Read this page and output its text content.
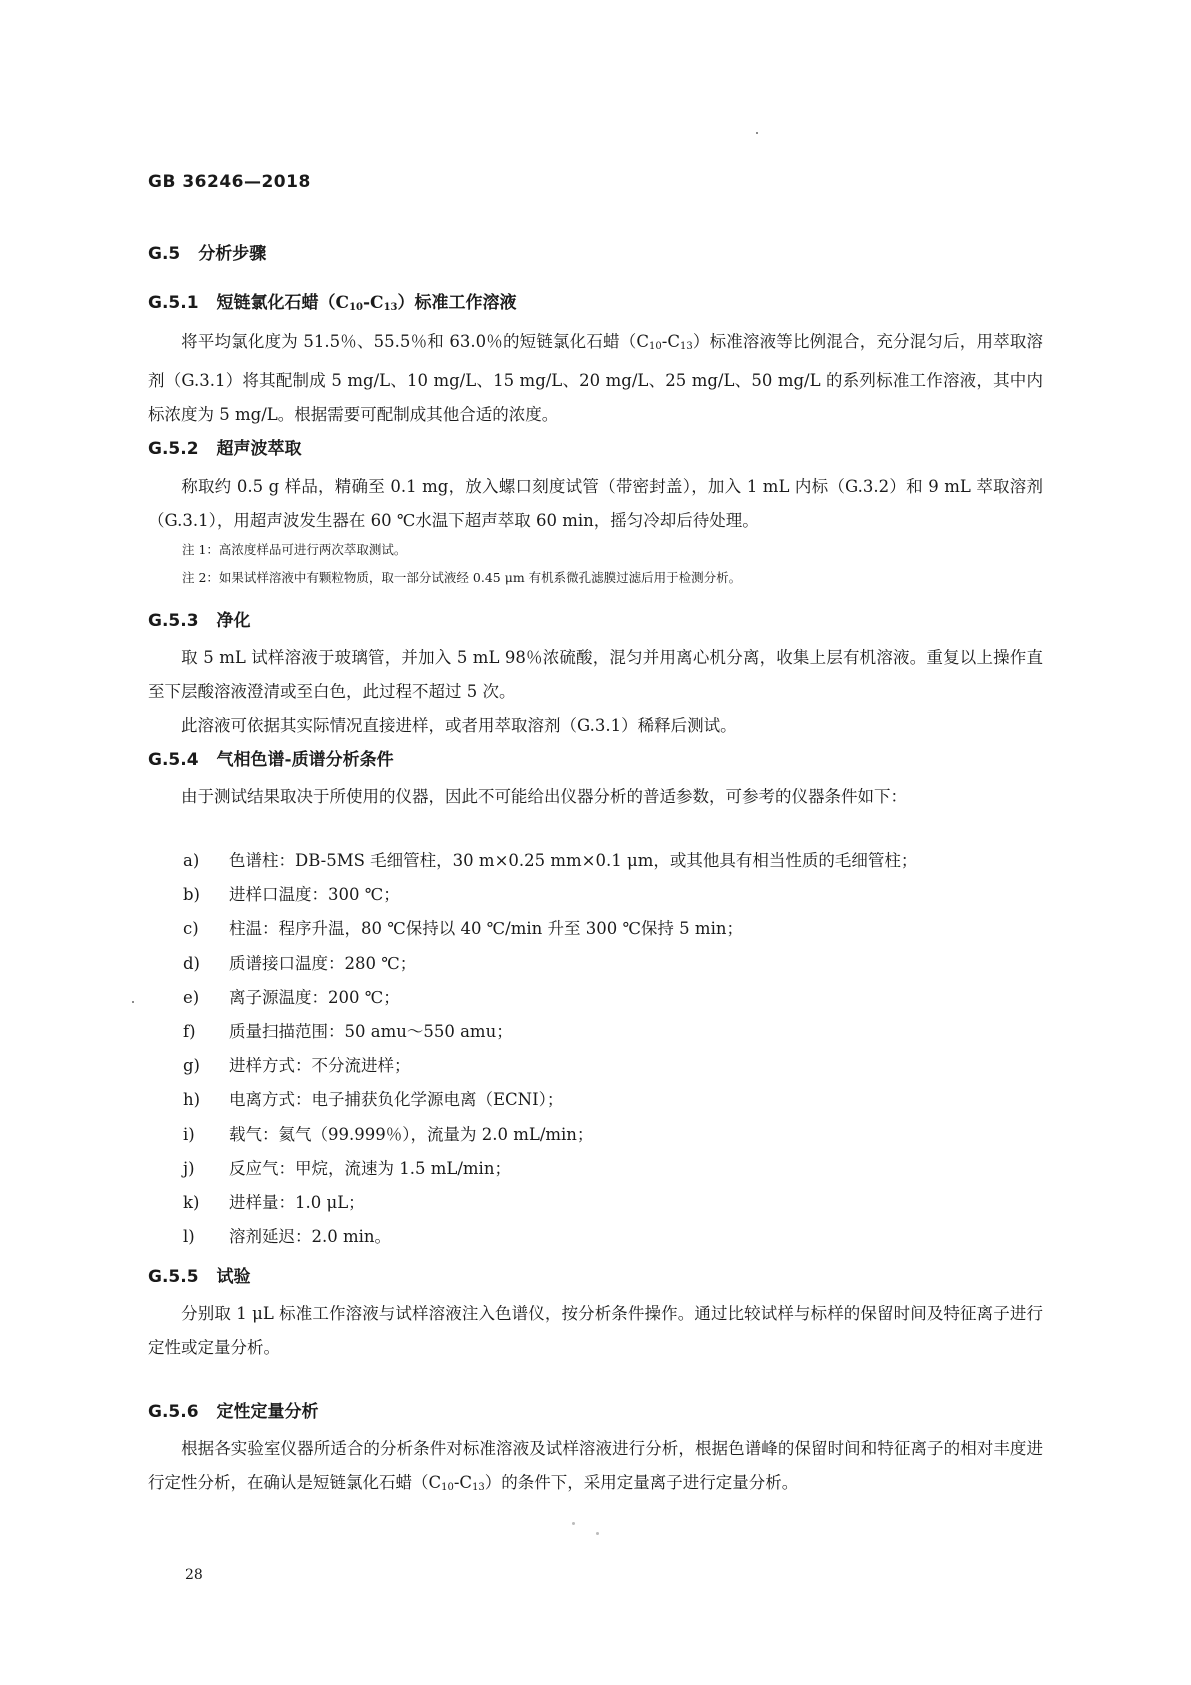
GB 36246—2018
G.5 分析步骤
G.5.1 短链氯化石蜡$(C_{10}-C_{13})$标准工作溶液
将平均氯化度为 51.5％、55.5％和 63.0％的短链氯化石蜡$(C_{10}-C_{13})$标准溶液等比例混合，充分混匀后，用萃取溶剂（G.3.1）将其配制成 5 mg/L、10 mg/L、15 mg/L、20 mg/L、25 mg/L、50 mg/L 的系列标准工作溶液，其中内标浓度为 5 mg/L。根据需要可配制成其他合适的浓度。
G.5.2 超声波萃取
称取约 0.5 g 样品，精确至 0.1 mg，放入螺口刻度试管（带密封盖），加入 1 mL 内标（G.3.2）和 9 mL 萃取溶剂（G.3.1），用超声波发生器在 60 ℃水温下超声萃取 60 min，摇匀冷却后待处理。
注 1：高浓度样品可进行两次萃取测试。
注 2：如果试样溶液中有颗粒物质，取一部分试液经 0.45 μm 有机系微孔滤膜过滤后用于检测分析。
G.5.3 净化
取 5 mL 试样溶液于玻璃管，并加入 5 mL 98％浓硫酸，混匀并用离心机分离，收集上层有机溶液。重复以上操作直至下层酸溶液澄清或至白色，此过程不超过 5 次。
此溶液可依据其实际情况直接进样，或者用萃取溶剂（G.3.1）稀释后测试。
G.5.4 气相色谱-质谱分析条件
由于测试结果取决于所使用的仪器，因此不可能给出仪器分析的普适参数，可参考的仪器条件如下：
a) 色谱柱：DB-5MS 毛细管柱，30 m×0.25 mm×0.1 μm，或其他具有相当性质的毛细管柱；
b) 进样口温度：300 ℃；
c) 柱温：程序升温，80 ℃保持以 40 ℃/min 升至 300 ℃保持 5 min；
d) 质谱接口温度：280 ℃；
e) 离子源温度：200 ℃；
f) 质量扫描范围：50 amu～550 amu；
g) 进样方式：不分流进样；
h) 电离方式：电子捕获负化学源电离（ECNI）；
i) 载气：氦气（99.999％），流量为 2.0 mL/min；
j) 反应气：甲烷，流速为 1.5 mL/min；
k) 进样量：1.0 μL；
l) 溶剂延迟：2.0 min。
G.5.5 试验
分别取 1 μL 标准工作溶液与试样溶液注入色谱仪，按分析条件操作。通过比较试样与标样的保留时间及特征离子进行定性或定量分析。
G.5.6 定性定量分析
根据各实验室仪器所适合的分析条件对标准溶液及试样溶液进行分析，根据色谱峰的保留时间和特征离子的相对丰度进行定性分析，在确认是短链氯化石蜡$(C_{10}-C_{13})$的条件下，采用定量离子进行定量分析。
28
